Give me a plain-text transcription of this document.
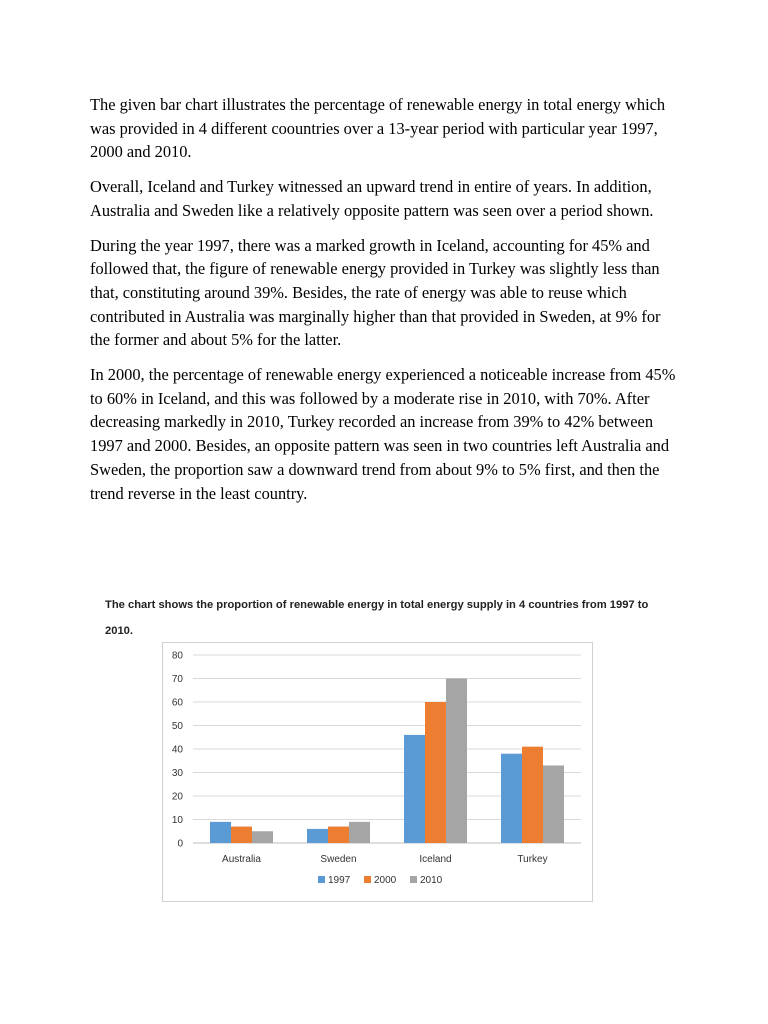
The given bar chart illustrates the percentage of renewable energy in total energy which was provided in 4 different coountries over a 13-year period with particular year 1997, 2000 and 2010.

Overall, Iceland and Turkey witnessed an upward trend in entire of years. In addition, Australia and Sweden like a relatively opposite pattern was seen over a period shown.

During the year 1997, there was a marked growth in Iceland, accounting for 45% and followed that, the figure of renewable energy provided in Turkey was slightly less than that, constituting around 39%. Besides, the rate of energy was able to reuse which contributed in Australia was marginally higher than that provided in Sweden, at 9% for the former and about 5% for the latter.

In 2000, the percentage of renewable energy experienced a noticeable increase from 45% to 60% in Iceland, and this was followed by a moderate rise in 2010, with 70%. After decreasing markedly in 2010, Turkey recorded an increase from 39% to 42% between 1997 and 2000. Besides, an opposite pattern was seen in two countries left Australia and Sweden, the proportion saw a downward trend from about 9% to 5% first, and then the trend reverse in the least country.

The chart shows the proportion of renewable energy in total energy supply in 4 countries from 1997 to 2010.
0
10
20
30
40
50
60
70
80
Australia	Sweden	Iceland	Turkey
1997 2000 2010
